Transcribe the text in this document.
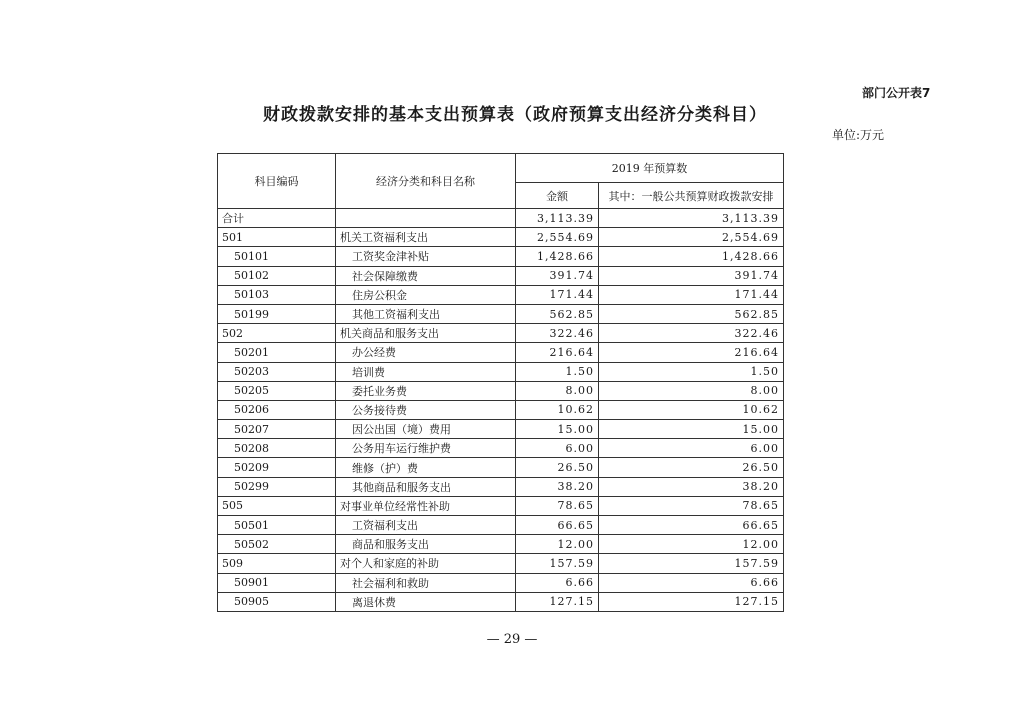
部门公开表7
财政拨款安排的基本支出预算表（政府预算支出经济分类科目）
单位:万元
科目编码	经济分类和科目名称	2019 年预算数	
		金额	其中：一般公共预算财政拨款安排
合计		3,113.39	3,113.39
501	机关工资福利支出	2,554.69	2,554.69
50101	工资奖金津补贴	1,428.66	1,428.66
50102	社会保障缴费	391.74	391.74
50103	住房公积金	171.44	171.44
50199	其他工资福利支出	562.85	562.85
502	机关商品和服务支出	322.46	322.46
50201	办公经费	216.64	216.64
50203	培训费	1.50	1.50
50205	委托业务费	8.00	8.00
50206	公务接待费	10.62	10.62
50207	因公出国（境）费用	15.00	15.00
50208	公务用车运行维护费	6.00	6.00
50209	维修（护）费	26.50	26.50
50299	其他商品和服务支出	38.20	38.20
505	对事业单位经常性补助	78.65	78.65
50501	工资福利支出	66.65	66.65
50502	商品和服务支出	12.00	12.00
509	对个人和家庭的补助	157.59	157.59
50901	社会福利和救助	6.66	6.66
50905	离退休费	127.15	127.15
— 29 —
